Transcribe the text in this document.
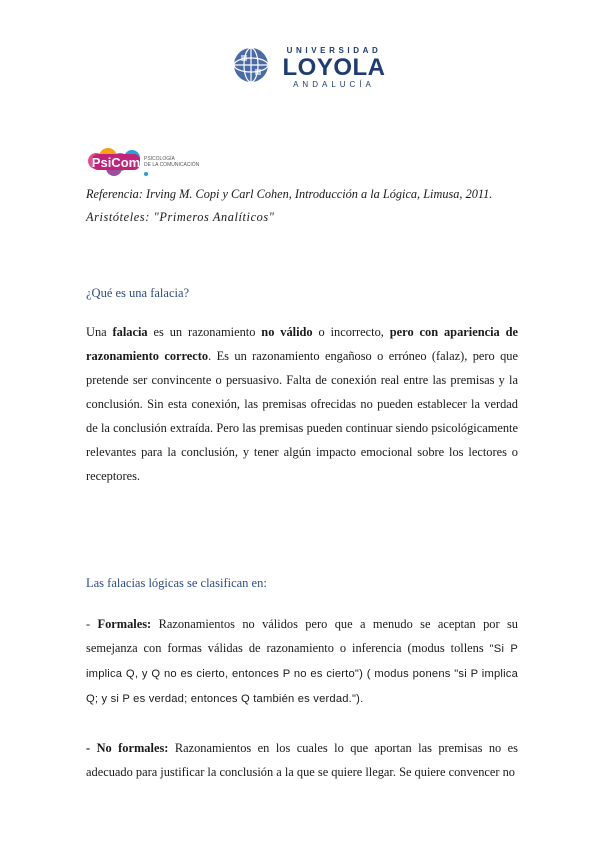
UNIVERSIDAD
LOYOLA
ANDALUCÍA
PsiCom PSICOLOGÍA
DE LA COMUNICACIÓN
Referencia: Irving M. Copi y Carl Cohen, Introducción a la Lógica, Limusa, 2011.
Aristóteles: "Primeros Analíticos"
¿Qué es una falacia?
Una falacia es un razonamiento no válido o incorrecto, pero con apariencia de razonamiento correcto. Es un razonamiento engañoso o erróneo (falaz), pero que pretende ser convincente o persuasivo. Falta de conexión real entre las premisas y la conclusión. Sin esta conexión, las premisas ofrecidas no pueden establecer la verdad de la conclusión extraída. Pero las premisas pueden continuar siendo psicológicamente relevantes para la conclusión, y tener algún impacto emocional sobre los lectores o receptores.
Las falacias lógicas se clasifican en:
- Formales: Razonamientos no válidos pero que a menudo se aceptan por su semejanza con formas válidas de razonamiento o inferencia (modus tollens "Si P implica Q, y Q no es cierto, entonces P no es cierto") ( modus ponens "si P implica Q; y si P es verdad; entonces Q también es verdad.").
- No formales: Razonamientos en los cuales lo que aportan las premisas no es adecuado para justificar la conclusión a la que se quiere llegar. Se quiere convencer no
